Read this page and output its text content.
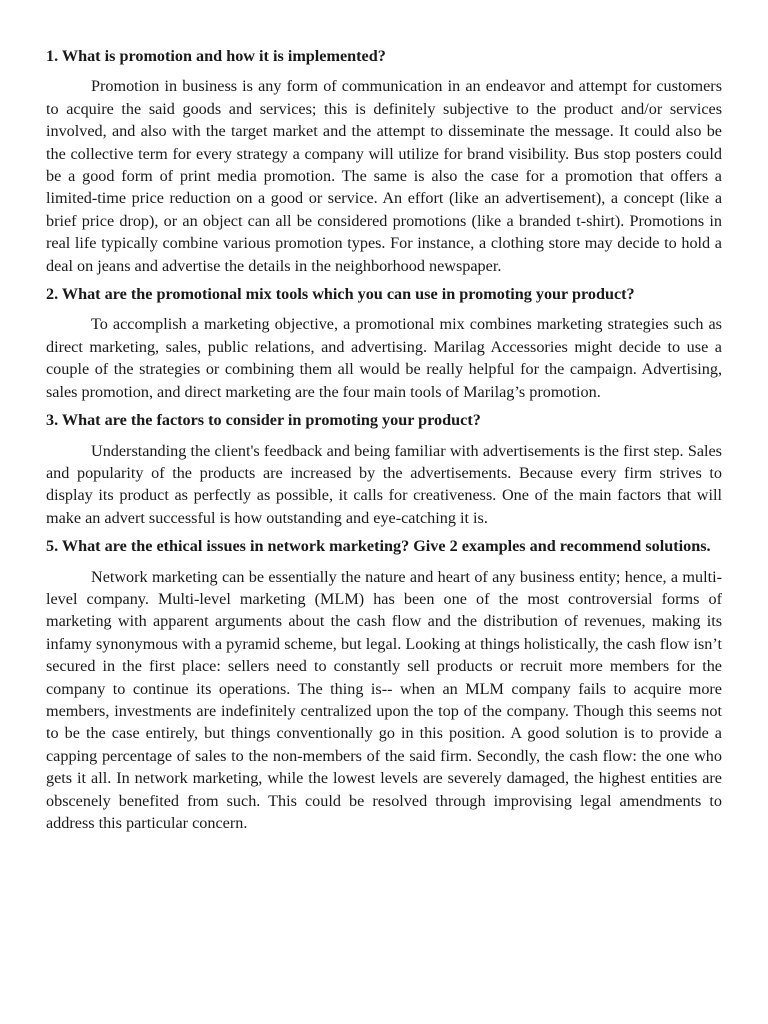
1. What is promotion and how it is implemented?

Promotion in business is any form of communication in an endeavor and attempt for customers to acquire the said goods and services; this is definitely subjective to the product and/or services involved, and also with the target market and the attempt to disseminate the message. It could also be the collective term for every strategy a company will utilize for brand visibility. Bus stop posters could be a good form of print media promotion. The same is also the case for a promotion that offers a limited-time price reduction on a good or service. An effort (like an advertisement), a concept (like a brief price drop), or an object can all be considered promotions (like a branded t-shirt). Promotions in real life typically combine various promotion types. For instance, a clothing store may decide to hold a deal on jeans and advertise the details in the neighborhood newspaper.

2. What are the promotional mix tools which you can use in promoting your product?

To accomplish a marketing objective, a promotional mix combines marketing strategies such as direct marketing, sales, public relations, and advertising. Marilag Accessories might decide to use a couple of the strategies or combining them all would be really helpful for the campaign. Advertising, sales promotion, and direct marketing are the four main tools of Marilag’s promotion.

3. What are the factors to consider in promoting your product?

Understanding the client's feedback and being familiar with advertisements is the first step. Sales and popularity of the products are increased by the advertisements. Because every firm strives to display its product as perfectly as possible, it calls for creativeness. One of the main factors that will make an advert successful is how outstanding and eye-catching it is.

5. What are the ethical issues in network marketing? Give 2 examples and recommend solutions.

Network marketing can be essentially the nature and heart of any business entity; hence, a multi-level company. Multi-level marketing (MLM) has been one of the most controversial forms of marketing with apparent arguments about the cash flow and the distribution of revenues, making its infamy synonymous with a pyramid scheme, but legal. Looking at things holistically, the cash flow isn’t secured in the first place: sellers need to constantly sell products or recruit more members for the company to continue its operations. The thing is-- when an MLM company fails to acquire more members, investments are indefinitely centralized upon the top of the company. Though this seems not to be the case entirely, but things conventionally go in this position. A good solution is to provide a capping percentage of sales to the non-members of the said firm. Secondly, the cash flow: the one who gets it all. In network marketing, while the lowest levels are severely damaged, the highest entities are obscenely benefited from such. This could be resolved through improvising legal amendments to address this particular concern.
